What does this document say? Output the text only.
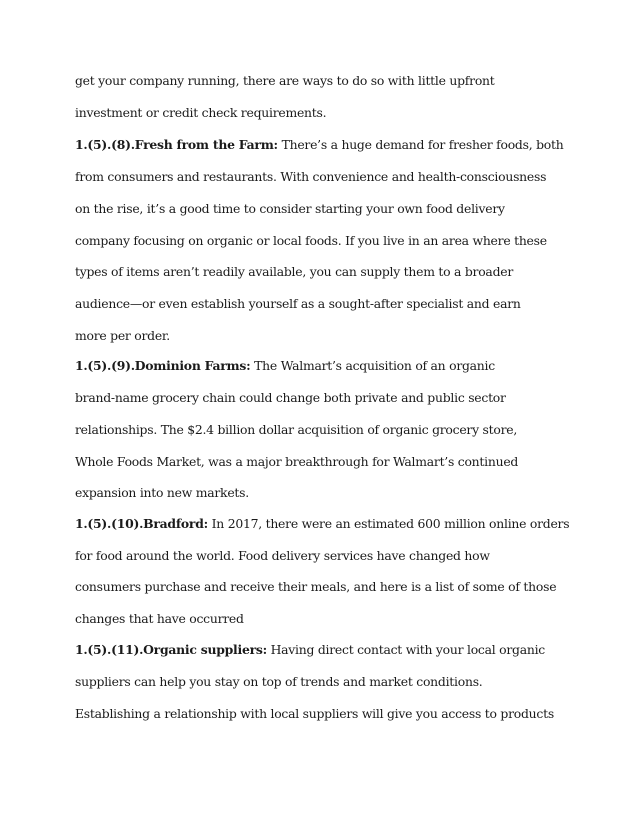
get your company running, there are ways to do so with little upfront
investment or credit check requirements.
1.(5).(8).Fresh from the Farm: There’s a huge demand for fresher foods, both
from consumers and restaurants. With convenience and health-consciousness
on the rise, it’s a good time to consider starting your own food delivery
company focusing on organic or local foods. If you live in an area where these
types of items aren’t readily available, you can supply them to a broader
audience—or even establish yourself as a sought-after specialist and earn
more per order.
1.(5).(9).Dominion Farms: The Walmart’s acquisition of an organic
brand-name grocery chain could change both private and public sector
relationships. The $2.4 billion dollar acquisition of organic grocery store,
Whole Foods Market, was a major breakthrough for Walmart’s continued
expansion into new markets.
1.(5).(10).Bradford: In 2017, there were an estimated 600 million online orders
for food around the world. Food delivery services have changed how
consumers purchase and receive their meals, and here is a list of some of those
changes that have occurred
1.(5).(11).Organic suppliers: Having direct contact with your local organic
suppliers can help you stay on top of trends and market conditions.
Establishing a relationship with local suppliers will give you access to products
